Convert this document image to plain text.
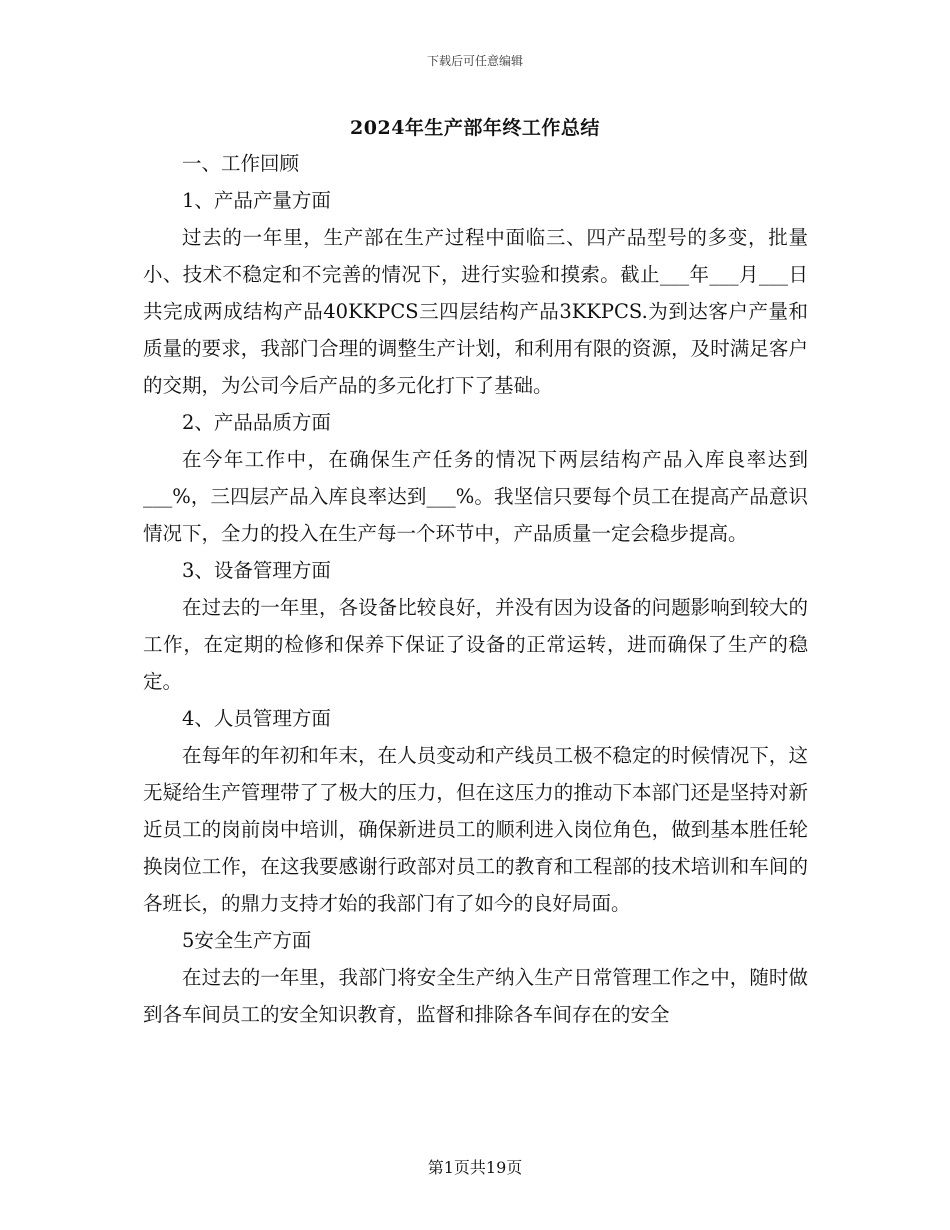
下载后可任意编辑
2024年生产部年终工作总结

一、工作回顾

1、产品产量方面

过去的一年里，生产部在生产过程中面临三、四产品型号的多变，批量小、技术不稳定和不完善的情况下，进行实验和摸索。截止___年___月___日共完成两成结构产品40KKPCS三四层结构产品3KKPCS.为到达客户产量和质量的要求，我部门合理的调整生产计划，和利用有限的资源，及时满足客户的交期，为公司今后产品的多元化打下了基础。

2、产品品质方面

在今年工作中，在确保生产任务的情况下两层结构产品入库良率达到___%，三四层产品入库良率达到___%。我坚信只要每个员工在提高产品意识情况下，全力的投入在生产每一个环节中，产品质量一定会稳步提高。

3、设备管理方面

在过去的一年里，各设备比较良好，并没有因为设备的问题影响到较大的工作，在定期的检修和保养下保证了设备的正常运转，进而确保了生产的稳定。

4、人员管理方面

在每年的年初和年末，在人员变动和产线员工极不稳定的时候情况下，这无疑给生产管理带了了极大的压力，但在这压力的推动下本部门还是坚持对新近员工的岗前岗中培训，确保新进员工的顺利进入岗位角色，做到基本胜任轮换岗位工作，在这我要感谢行政部对员工的教育和工程部的技术培训和车间的各班长，的鼎力支持才始的我部门有了如今的良好局面。

5安全生产方面

在过去的一年里，我部门将安全生产纳入生产日常管理工作之中，随时做到各车间员工的安全知识教育，监督和排除各车间存在的安全

第1页共19页
